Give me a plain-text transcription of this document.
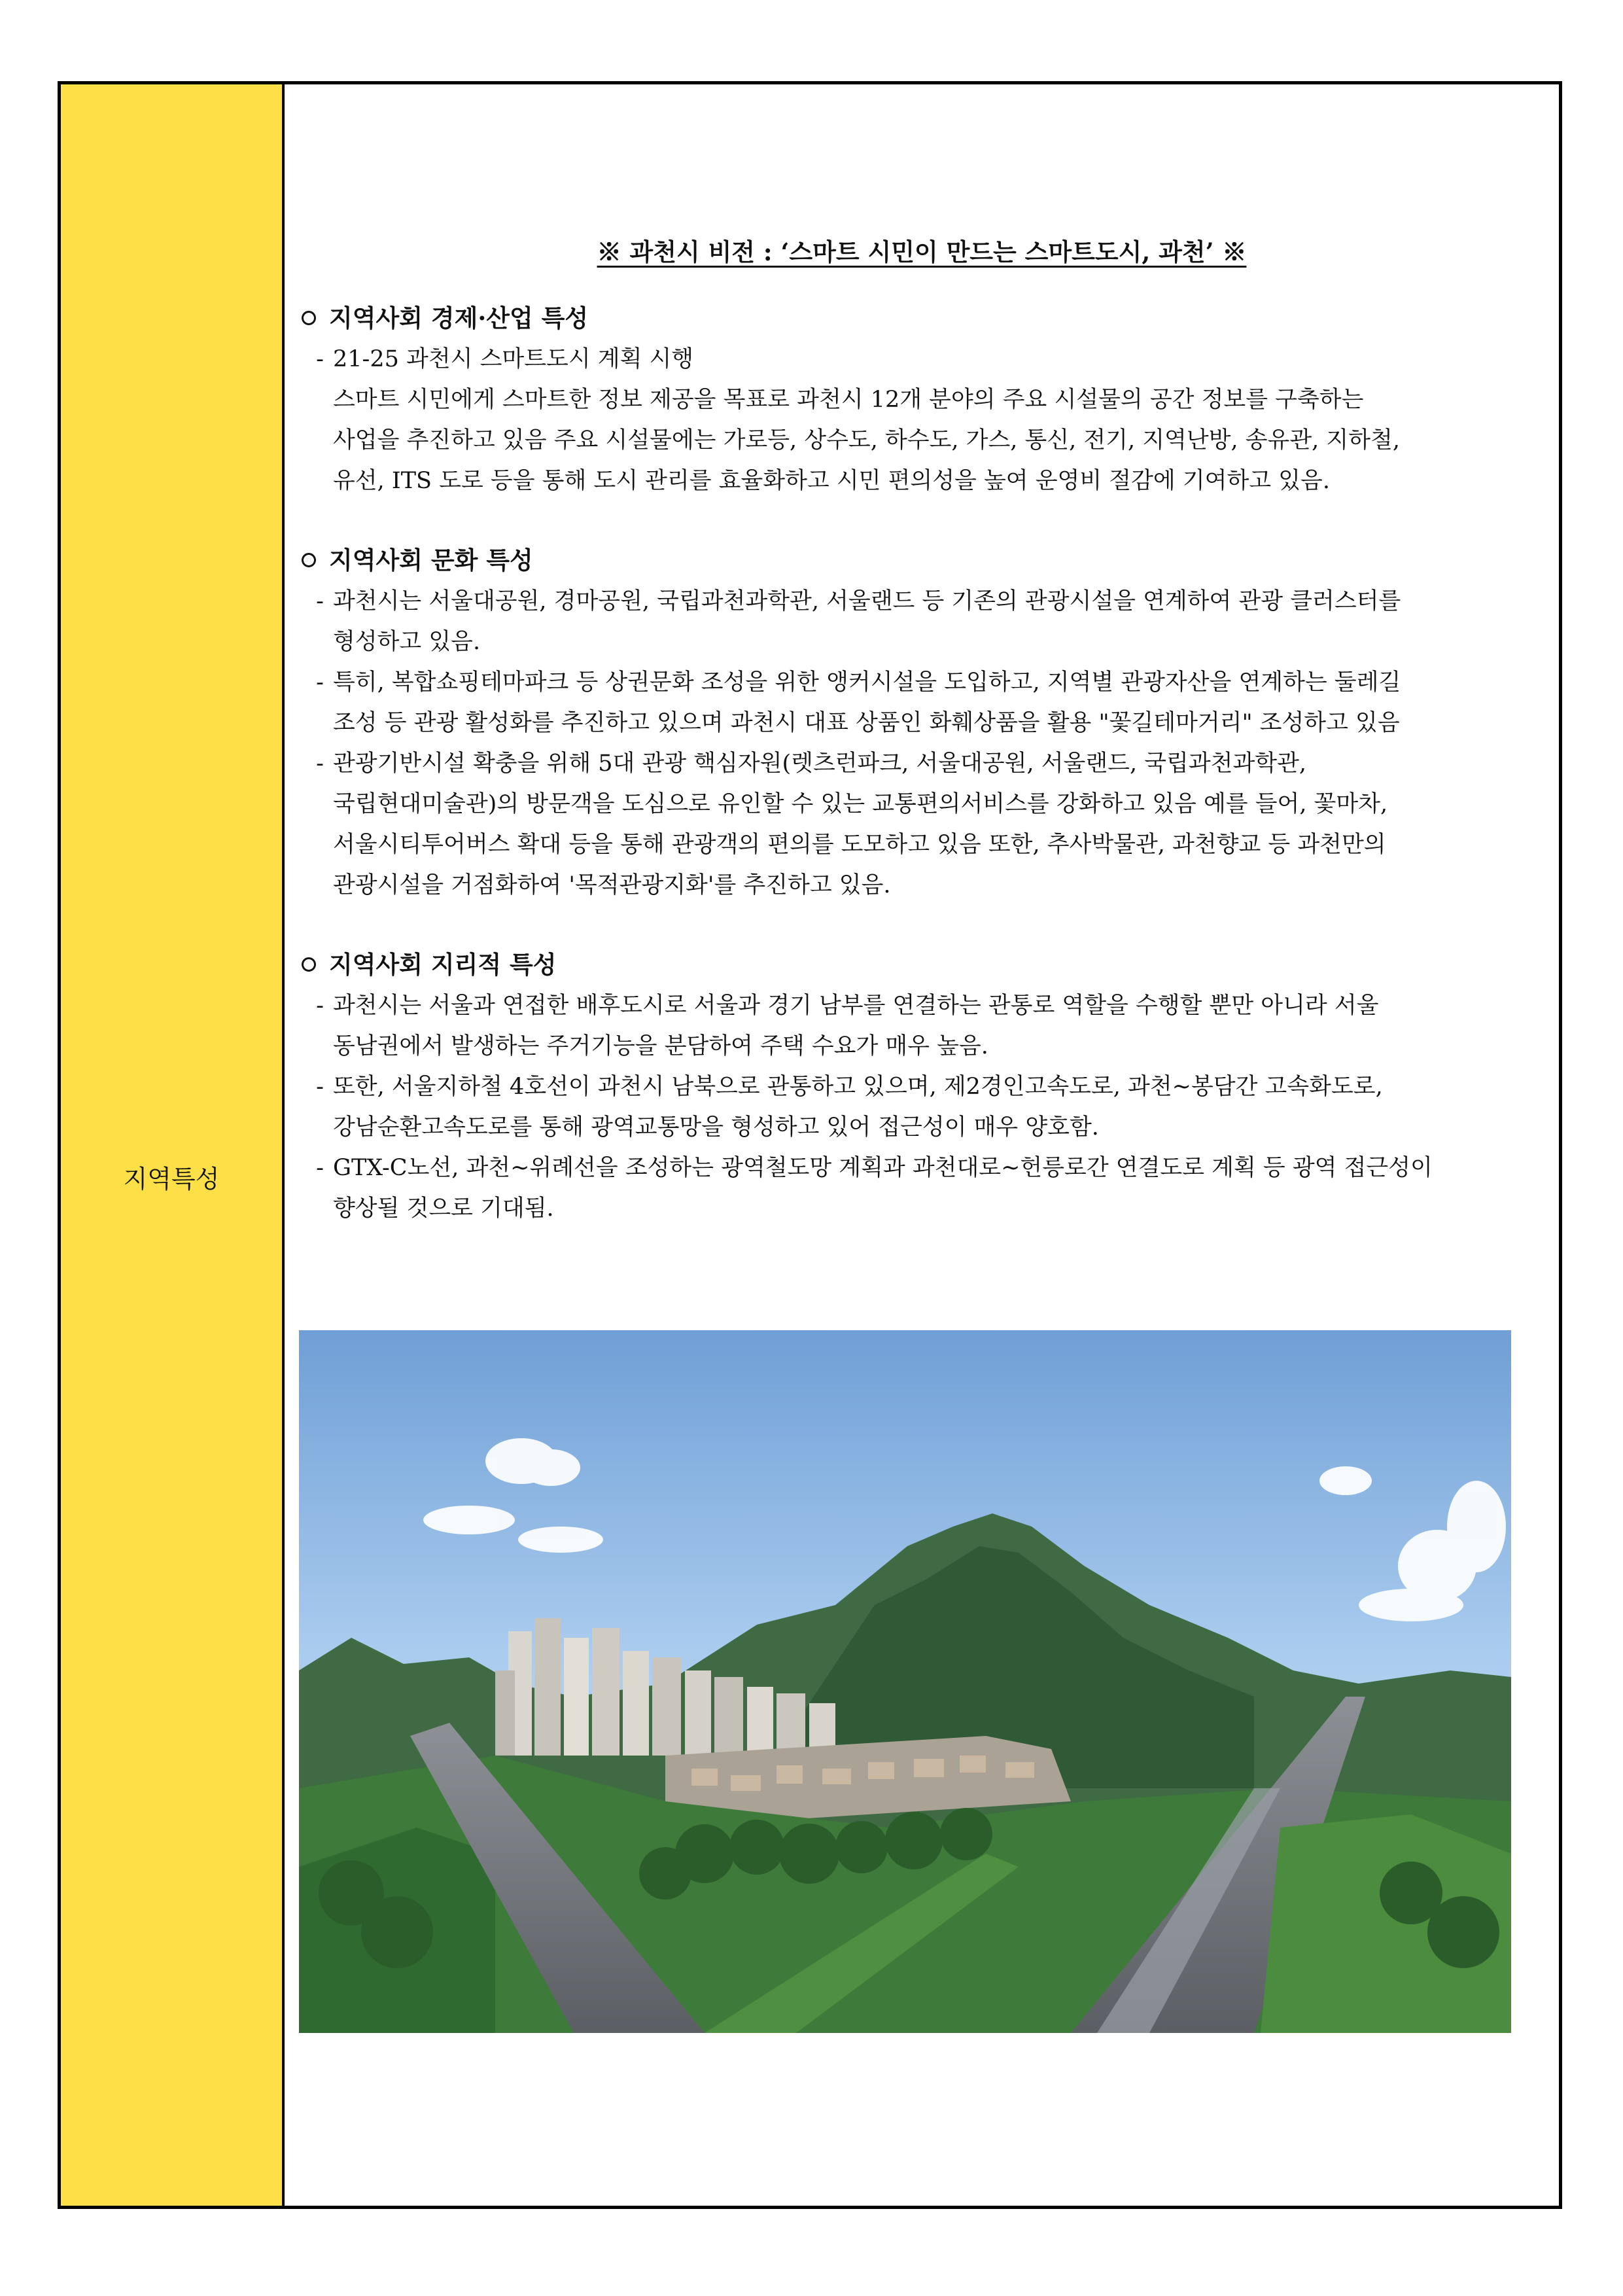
지역특성
※ 과천시 비전 : ‘스마트 시민이 만드는 스마트도시, 과천’ ※
지역사회 경제·산업 특성
- 21-25 과천시 스마트도시 계획 시행
스마트 시민에게 스마트한 정보 제공을 목표로 과천시 12개 분야의 주요 시설물의 공간 정보를 구축하는
사업을 추진하고 있음 주요 시설물에는 가로등, 상수도, 하수도, 가스, 통신, 전기, 지역난방, 송유관, 지하철,
유선, ITS 도로 등을 통해 도시 관리를 효율화하고 시민 편의성을 높여 운영비 절감에 기여하고 있음.
지역사회 문화 특성
- 과천시는 서울대공원, 경마공원, 국립과천과학관, 서울랜드 등 기존의 관광시설을 연계하여 관광 클러스터를
형성하고 있음.
- 특히, 복합쇼핑테마파크 등 상권문화 조성을 위한 앵커시설을 도입하고, 지역별 관광자산을 연계하는 둘레길
조성 등 관광 활성화를 추진하고 있으며 과천시 대표 상품인 화훼상품을 활용 "꽃길테마거리" 조성하고 있음
- 관광기반시설 확충을 위해 5대 관광 핵심자원(렛츠런파크, 서울대공원, 서울랜드, 국립과천과학관,
국립현대미술관)의 방문객을 도심으로 유인할 수 있는 교통편의서비스를 강화하고 있음 예를 들어, 꽃마차,
서울시티투어버스 확대 등을 통해 관광객의 편의를 도모하고 있음 또한, 추사박물관, 과천향교 등 과천만의
관광시설을 거점화하여 '목적관광지화'를 추진하고 있음.
지역사회 지리적 특성
- 과천시는 서울과 연접한 배후도시로 서울과 경기 남부를 연결하는 관통로 역할을 수행할 뿐만 아니라 서울
동남권에서 발생하는 주거기능을 분담하여 주택 수요가 매우 높음.
- 또한, 서울지하철 4호선이 과천시 남북으로 관통하고 있으며, 제2경인고속도로, 과천~봉담간 고속화도로,
강남순환고속도로를 통해 광역교통망을 형성하고 있어 접근성이 매우 양호함.
- GTX-C노선, 과천~위례선을 조성하는 광역철도망 계획과 과천대로~헌릉로간 연결도로 계획 등 광역 접근성이
향상될 것으로 기대됨.
